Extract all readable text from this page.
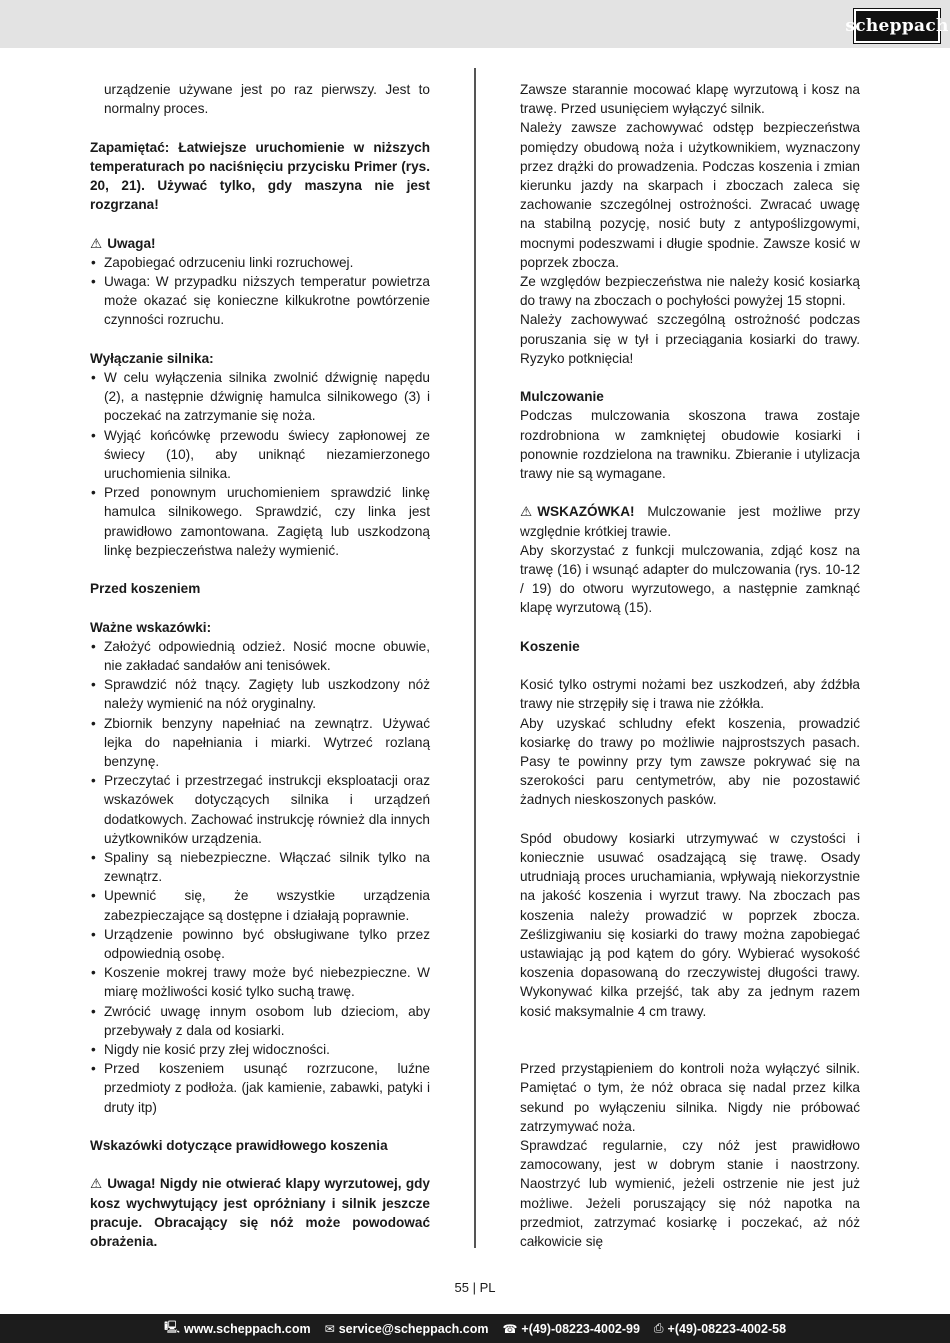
scheppach

urządzenie używane jest po raz pierwszy. Jest to normalny proces.

Zapamiętać: Łatwiejsze uruchomienie w niższych temperaturach po naciśnięciu przycisku Primer (rys. 20, 21). Używać tylko, gdy maszyna nie jest rozgrzana!

⚠ Uwaga!

• Zapobiegać odrzuceniu linki rozruchowej.
• Uwaga: W przypadku niższych temperatur powietrza może okazać się konieczne kilkukrotne powtórzenie czynności rozruchu.

Wyłączanie silnika:

• W celu wyłączenia silnika zwolnić dźwignię napędu (2), a następnie dźwignię hamulca silnikowego (3) i poczekać na zatrzymanie się noża.
• Wyjąć końcówkę przewodu świecy zapłonowej ze świecy (10), aby uniknąć niezamierzonego uruchomienia silnika.
• Przed ponownym uruchomieniem sprawdzić linkę hamulca silnikowego. Sprawdzić, czy linka jest prawidłowo zamontowana. Zagiętą lub uszkodzoną linkę bezpieczeństwa należy wymienić.

Przed koszeniem

Ważne wskazówki:

• Założyć odpowiednią odzież. Nosić mocne obuwie, nie zakładać sandałów ani tenisówek.
• Sprawdzić nóż tnący. Zagięty lub uszkodzony nóż należy wymienić na nóż oryginalny.
• Zbiornik benzyny napełniać na zewnątrz. Używać lejka do napełniania i miarki. Wytrzeć rozlaną benzynę.
• Przeczytać i przestrzegać instrukcji eksploatacji oraz wskazówek dotyczących silnika i urządzeń dodatkowych. Zachować instrukcję również dla innych użytkowników urządzenia.
• Spaliny są niebezpieczne. Włączać silnik tylko na zewnątrz.
• Upewnić się, że wszystkie urządzenia zabezpieczające są dostępne i działają poprawnie.
• Urządzenie powinno być obsługiwane tylko przez odpowiednią osobę.
• Koszenie mokrej trawy może być niebezpieczne. W miarę możliwości kosić tylko suchą trawę.
• Zwrócić uwagę innym osobom lub dzieciom, aby przebywały z dala od kosiarki.
• Nigdy nie kosić przy złej widoczności.
• Przed koszeniem usunąć rozrzucone, luźne przedmioty z podłoża. (jak kamienie, zabawki, patyki i druty itp)

Wskazówki dotyczące prawidłowego koszenia

⚠ Uwaga! Nigdy nie otwierać klapy wyrzutowej, gdy kosz wychwytujący jest opróżniany i silnik jeszcze pracuje. Obracający się nóż może powodować obrażenia.

Zawsze starannie mocować klapę wyrzutową i kosz na trawę. Przed usunięciem wyłączyć silnik.

Należy zawsze zachowywać odstęp bezpieczeństwa pomiędzy obudową noża i użytkownikiem, wyznaczony przez drążki do prowadzenia. Podczas koszenia i zmian kierunku jazdy na skarpach i zboczach zaleca się zachowanie szczególnej ostrożności. Zwracać uwagę na stabilną pozycję, nosić buty z antypoślizgowymi, mocnymi podeszwami i długie spodnie. Zawsze kosić w poprzek zbocza.

Ze względów bezpieczeństwa nie należy kosić kosiarką do trawy na zboczach o pochyłości powyżej 15 stopni.

Należy zachowywać szczególną ostrożność podczas poruszania się w tył i przeciągania kosiarki do trawy. Ryzyko potknięcia!

Mulczowanie

Podczas mulczowania skoszona trawa zostaje rozdrobniona w zamkniętej obudowie kosiarki i ponownie rozdzielona na trawniku. Zbieranie i utylizacja trawy nie są wymagane.

⚠ WSKAZÓWKA! Mulczowanie jest możliwe przy względnie krótkiej trawie.

Aby skorzystać z funkcji mulczowania, zdjąć kosz na trawę (16) i wsunąć adapter do mulczowania (rys. 10-12 / 19) do otworu wyrzutowego, a następnie zamknąć klapę wyrzutową (15).

Koszenie

Kosić tylko ostrymi nożami bez uszkodzeń, aby źdźbła trawy nie strzępiły się i trawa nie zżółkła.

Aby uzyskać schludny efekt koszenia, prowadzić kosiarkę do trawy po możliwie najprostszych pasach. Pasy te powinny przy tym zawsze pokrywać się na szerokości paru centymetrów, aby nie pozostawić żadnych nieskoszonych pasków.

Spód obudowy kosiarki utrzymywać w czystości i koniecznie usuwać osadzającą się trawę. Osady utrudniają proces uruchamiania, wpływają niekorzystnie na jakość koszenia i wyrzut trawy. Na zboczach pas koszenia należy prowadzić w poprzek zbocza. Ześlizgiwaniu się kosiarki do trawy można zapobiegać ustawiając ją pod kątem do góry. Wybierać wysokość koszenia dopasowaną do rzeczywistej długości trawy. Wykonywać kilka przejść, tak aby za jednym razem kosić maksymalnie 4 cm trawy.

Przed przystąpieniem do kontroli noża wyłączyć silnik. Pamiętać o tym, że nóż obraca się nadal przez kilka sekund po wyłączeniu silnika. Nigdy nie próbować zatrzymywać noża.

Sprawdzać regularnie, czy nóż jest prawidłowo zamocowany, jest w dobrym stanie i naostrzony. Naostrzyć lub wymienić, jeżeli ostrzenie nie jest już możliwe. Jeżeli poruszający się nóż napotka na przedmiot, zatrzymać kosiarkę i poczekać, aż nóż całkowicie się

55 | PL
🖳 www.scheppach.com ✉ service@scheppach.com ☎ +(49)-08223-4002-99 ⎙ +(49)-08223-4002-58
